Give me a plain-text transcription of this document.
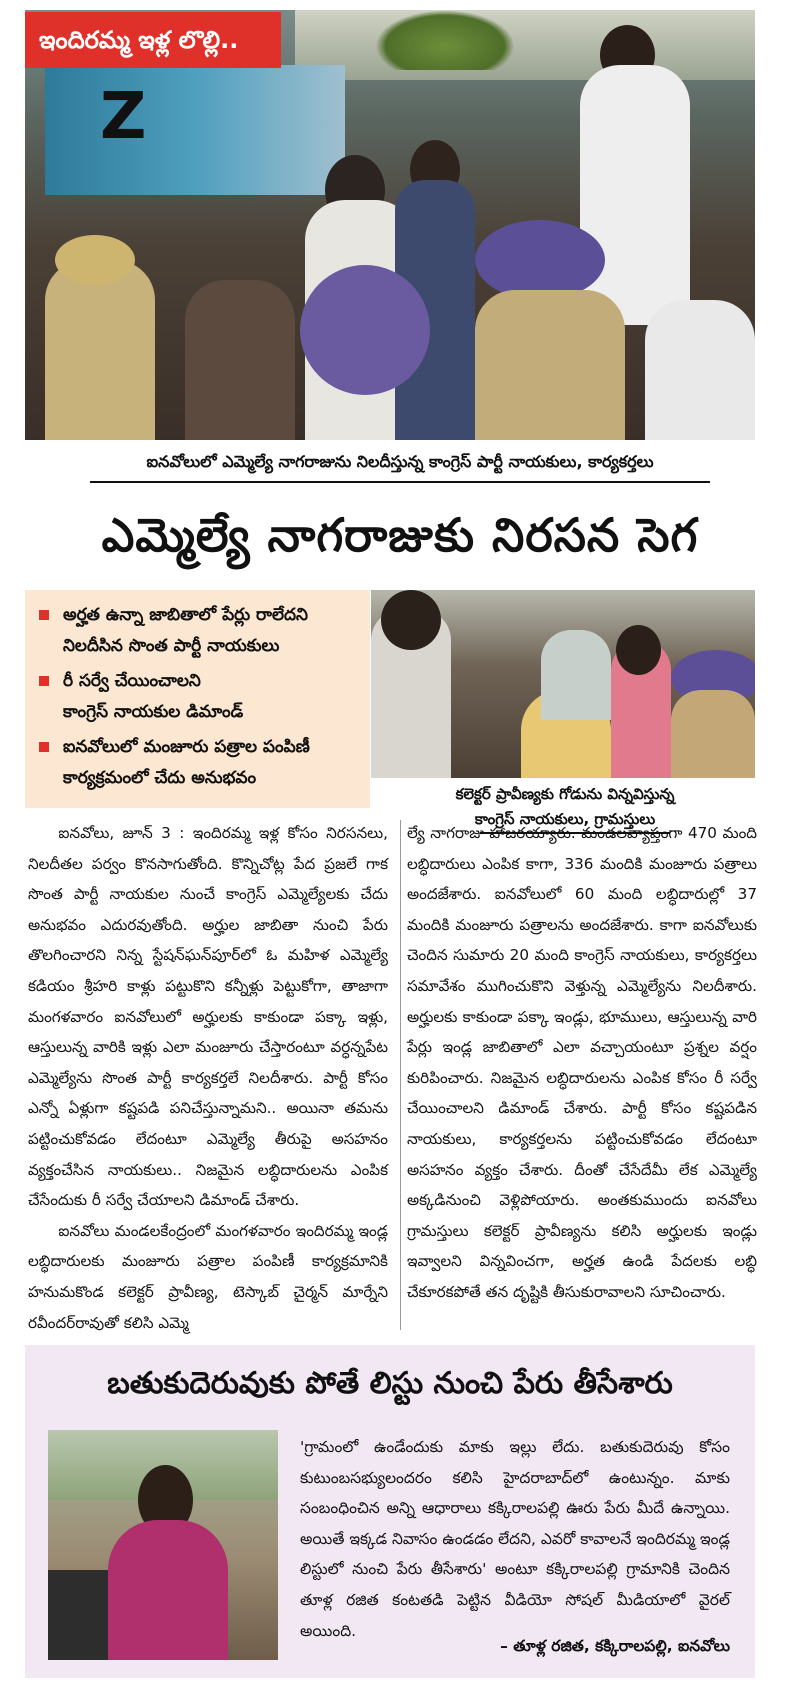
Z
ఇందిరమ్మ ఇళ్ల లొల్లి..
ఐనవోలులో ఎమ్మెల్యే నాగరాజును నిలదీస్తున్న కాంగ్రెస్ పార్టీ నాయకులు, కార్యకర్తలు
ఎమ్మెల్యే నాగరాజుకు నిరసన సెగ
అర్హత ఉన్నా జాబితాలో పేర్లు రాలేదని
నిలదీసిన సొంత పార్టీ నాయకులు
రీ సర్వే చేయించాలని
కాంగ్రెస్ నాయకుల డిమాండ్
ఐనవోలులో మంజూరు పత్రాల పంపిణీ
కార్యక్రమంలో చేదు అనుభవం
కలెక్టర్ ప్రావీణ్యకు గోడును విన్నవిస్తున్న
కాంగ్రెస్ నాయకులు, గ్రామస్తులు

ఐనవోలు, జూన్ 3 : ఇందిరమ్మ ఇళ్ల కోసం నిరసనలు, నిలదీతల పర్వం కొనసాగుతోంది. కొన్నిచోట్ల పేద ప్రజలే గాక సొంత పార్టీ నాయకుల నుంచే కాంగ్రెస్ ఎమ్మెల్యేలకు చేదు అనుభవం ఎదురవుతోంది. అర్హుల జాబితా నుంచి పేరు తొలగించారని నిన్న స్టేషన్‌ఘన్‌పూర్‌లో ఓ మహిళ ఎమ్మెల్యే కడియం శ్రీహరి కాళ్లు పట్టుకొని కన్నీళ్లు పెట్టుకోగా, తాజాగా మంగళవారం ఐనవోలులో అర్హులకు కాకుండా పక్కా ఇళ్లు, ఆస్తులున్న వారికి ఇళ్లు ఎలా మంజూరు చేస్తారంటూ వర్ధన్నపేట ఎమ్మెల్యేను సొంత పార్టీ కార్యకర్తలే నిలదీశారు. పార్టీ కోసం ఎన్నో ఏళ్లుగా కష్టపడి పనిచేస్తున్నామని.. అయినా తమను పట్టించుకోవడం లేదంటూ ఎమ్మెల్యే తీరుపై అసహనం వ్యక్తంచేసిన నాయకులు.. నిజమైన లబ్ధిదారులను ఎంపిక చేసేందుకు రీ సర్వే చేయాలని డిమాండ్ చేశారు.

ఐనవోలు మండలకేంద్రంలో మంగళవారం ఇందిరమ్మ ఇండ్ల లబ్ధిదారులకు మంజూరు పత్రాల పంపిణీ కార్యక్రమానికి హనుమకొండ కలెక్టర్ ప్రావీణ్య, టెస్కాబ్ చైర్మన్ మార్నేని రవీందర్‌రావుతో కలిసి ఎమ్మె

ల్యే నాగరాజు హాజరయ్యారు. మండలవ్యాప్తంగా 470 మంది లబ్ధిదారులు ఎంపిక కాగా, 336 మందికి మంజూరు పత్రాలు అందజేశారు. ఐనవోలులో 60 మంది లబ్ధిదారుల్లో 37 మందికి మంజూరు పత్రాలను అందజేశారు. కాగా ఐనవోలుకు చెందిన సుమారు 20 మంది కాంగ్రెస్ నాయకులు, కార్యకర్తలు సమావేశం ముగించుకొని వెళ్తున్న ఎమ్మెల్యేను నిలదీశారు. అర్హులకు కాకుండా పక్కా ఇండ్లు, భూములు, ఆస్తులున్న వారి పేర్లు ఇండ్ల జాబితాలో ఎలా వచ్చాయంటూ ప్రశ్నల వర్షం కురిపించారు. నిజమైన లబ్ధిదారులను ఎంపిక కోసం రీ సర్వే చేయించాలని డిమాండ్ చేశారు. పార్టీ కోసం కష్టపడిన నాయకులు, కార్యకర్తలను పట్టించుకోవడం లేదంటూ అసహనం వ్యక్తం చేశారు. దీంతో చేసేదేమీ లేక ఎమ్మెల్యే అక్కడినుంచి వెళ్లిపోయారు. అంతకుముందు ఐనవోలు గ్రామస్తులు కలెక్టర్ ప్రావీణ్యను కలిసి అర్హులకు ఇండ్లు ఇవ్వాలని విన్నవించగా, అర్హత ఉండి పేదలకు లబ్ధి చేకూరకపోతే తన దృష్టికి తీసుకురావాలని సూచించారు.

బతుకుదెరువుకు పోతే లిస్టు నుంచి పేరు తీసేశారు
'గ్రామంలో ఉండేందుకు మాకు ఇల్లు లేదు. బతుకుదెరువు కోసం కుటుంబసభ్యులందరం కలిసి హైదరాబాద్‌లో ఉంటున్నం. మాకు సంబంధించిన అన్ని ఆధారాలు కక్కిరాలపల్లి ఊరు పేరు మీదే ఉన్నాయి. అయితే ఇక్కడ నివాసం ఉండడం లేదని, ఎవరో కావాలనే ఇందిరమ్మ ఇండ్ల లిస్టులో నుంచి పేరు తీసేశారు' అంటూ కక్కిరాలపల్లి గ్రామానికి చెందిన తూళ్ల రజిత కంటతడి పెట్టిన వీడియో సోషల్ మీడియాలో వైరల్ అయింది.
– తూళ్ల రజిత, కక్కిరాలపల్లి, ఐనవోలు
